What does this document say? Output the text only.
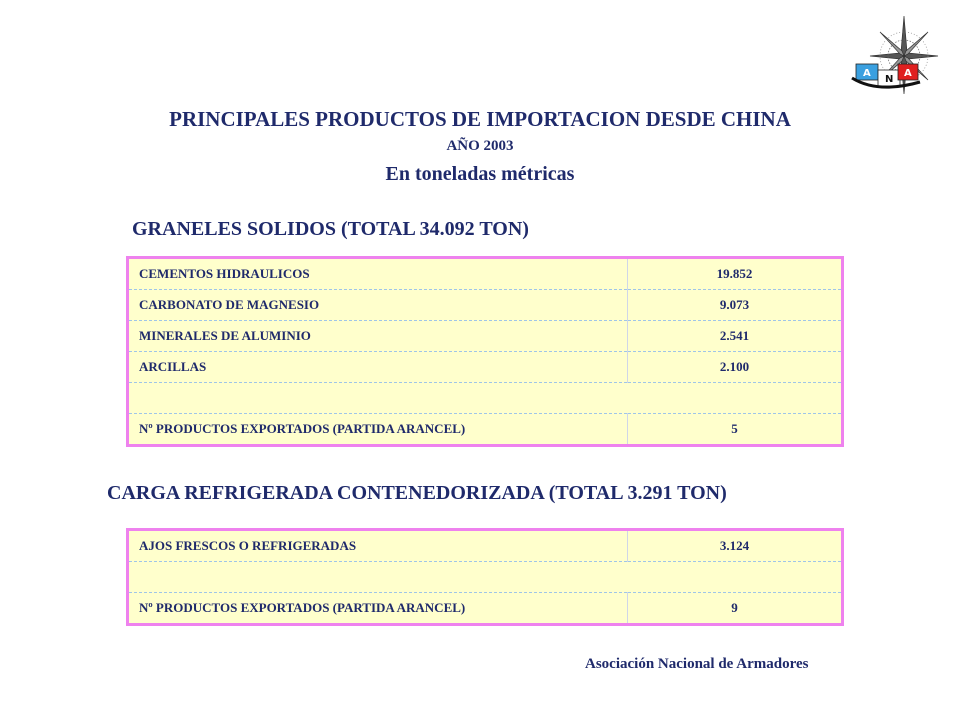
A
N
A
PRINCIPALES PRODUCTOS DE IMPORTACION DESDE CHINA
AÑO 2003
En toneladas métricas
GRANELES SOLIDOS (TOTAL 34.092 TON)
CEMENTOS HIDRAULICOS	19.852
CARBONATO DE MAGNESIO	9.073
MINERALES DE ALUMINIO	2.541
ARCILLAS	2.100

Nº PRODUCTOS EXPORTADOS (PARTIDA ARANCEL)	5
CARGA REFRIGERADA CONTENEDORIZADA (TOTAL 3.291 TON)
AJOS FRESCOS O REFRIGERADAS	3.124

Nº PRODUCTOS EXPORTADOS (PARTIDA ARANCEL)	9
Asociación Nacional de Armadores
